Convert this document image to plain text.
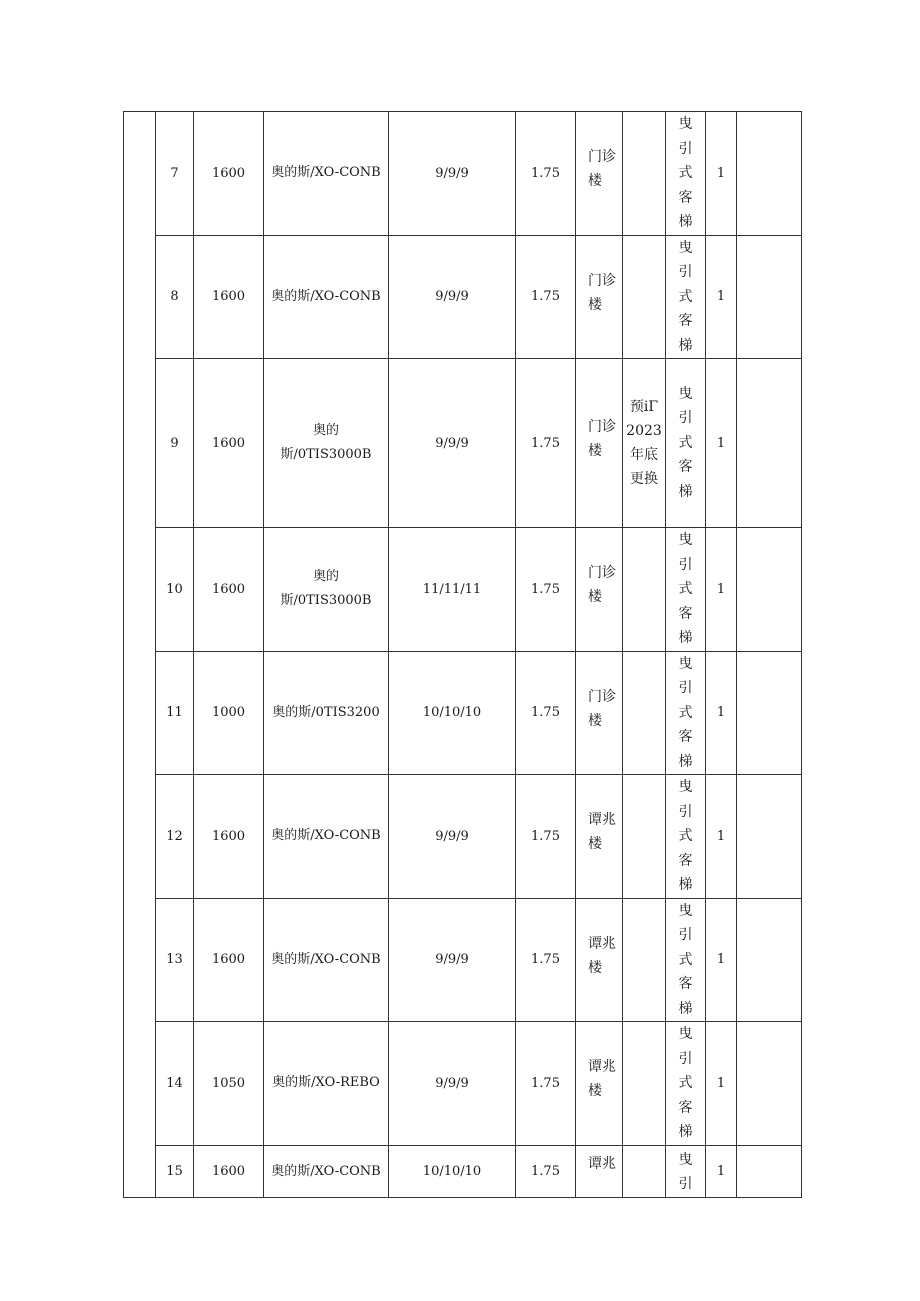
	7	1600	奥的斯/XO-CONB	9/9/9	1.75	门诊楼		曳引式客梯	1	
	8	1600	奥的斯/XO-CONB	9/9/9	1.75	门诊楼		曳引式客梯	1	
	9	1600	奥的斯/0TIS3000B	9/9/9	1.75	门诊楼	预iΓ2023年底更换	曳引式客梯	1	
	10	1600	奥的斯/0TIS3000B	11/11/11	1.75	门诊楼		曳引式客梯	1	
	11	1000	奥的斯/0TIS3200	10/10/10	1.75	门诊楼		曳引式客梯	1	
	12	1600	奥的斯/XO-CONB	9/9/9	1.75	谭兆楼		曳引式客梯	1	
	13	1600	奥的斯/XO-CONB	9/9/9	1.75	谭兆楼		曳引式客梯	1	
	14	1050	奥的斯/XO-REBO	9/9/9	1.75	谭兆楼		曳引式客梯	1	
	15	1600	奥的斯/XO-CONB	10/10/10	1.75	谭兆		曳引	1	
